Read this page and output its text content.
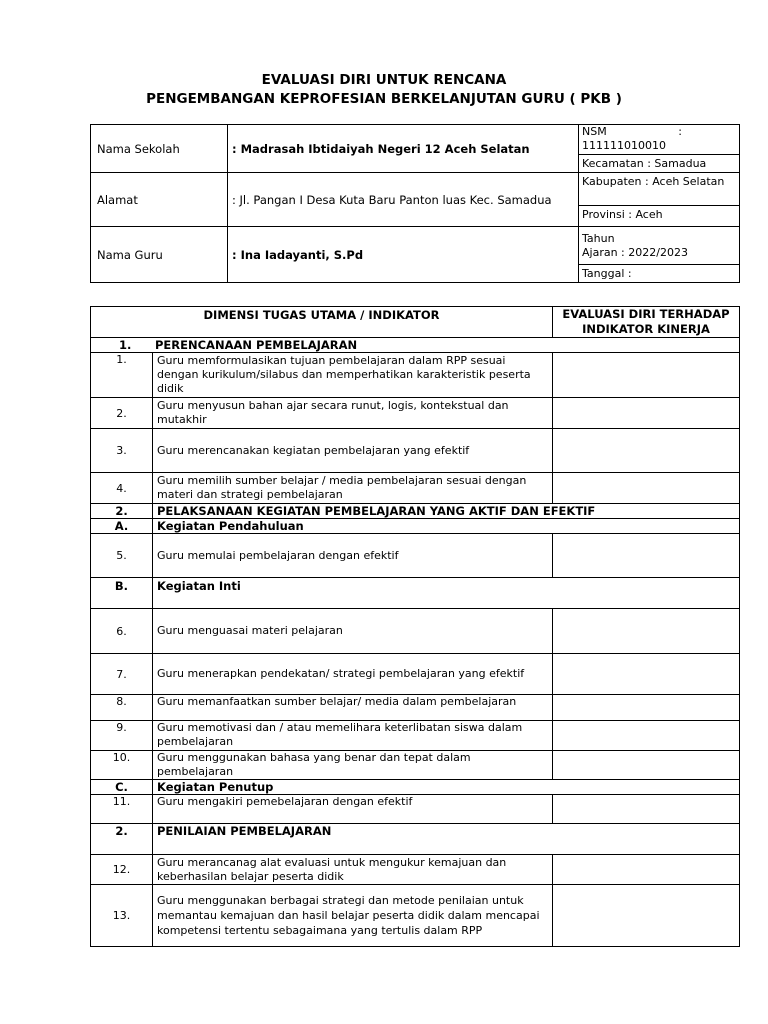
EVALUASI DIRI UNTUK RENCANA
PENGEMBANGAN KEPROFESIAN BERKELANJUTAN GURU ( PKB )
Nama Sekolah	: Madrasah Ibtidaiyah Negeri 12 Aceh Selatan	NSM :
111111010010
Kecamatan : Samadua

Alamat	: Jl. Pangan I Desa Kuta Baru Panton luas Kec. Samadua	Kabupaten : Aceh Selatan
Provinsi : Aceh

Nama Guru	: Ina Iadayanti, S.Pd	Tahun
Ajaran : 2022/2023
Tanggal :
DIMENSI TUGAS UTAMA / INDIKATOR		EVALUASI DIRI TERHADAP INDIKATOR KINERJA
1. PERENCANAAN PEMBELAJARAN		
1.	Guru memformulasikan tujuan pembelajaran dalam RPP sesuai dengan kurikulum/silabus dan memperhatikan karakteristik peserta didik	
2.	Guru menyusun bahan ajar secara runut, logis, kontekstual dan mutakhir	
3.	Guru merencanakan kegiatan pembelajaran yang efektif	
4.	Guru memilih sumber belajar / media pembelajaran sesuai dengan materi dan strategi pembelajaran	
2.	PELAKSANAAN KEGIATAN PEMBELAJARAN YANG AKTIF DAN EFEKTIF	
A.	Kegiatan Pendahuluan	
5.	Guru memulai pembelajaran dengan efektif	
B.	Kegiatan Inti	
6.	Guru menguasai materi pelajaran	
7.	Guru menerapkan pendekatan/ strategi pembelajaran yang efektif	
8.	Guru memanfaatkan sumber belajar/ media dalam pembelajaran	
9.	Guru memotivasi dan / atau memelihara keterlibatan siswa dalam pembelajaran	
10.	Guru menggunakan bahasa yang benar dan tepat dalam pembelajaran	
C.	Kegiatan Penutup	
11.	Guru mengakiri pemebelajaran dengan efektif	
2.	PENILAIAN PEMBELAJARAN	
12.	Guru merancanag alat evaluasi untuk mengukur kemajuan dan keberhasilan belajar peserta didik	
13.	Guru menggunakan berbagai strategi dan metode penilaian untuk memantau kemajuan dan hasil belajar peserta didik dalam mencapai kompetensi tertentu sebagaimana yang tertulis dalam RPP	
